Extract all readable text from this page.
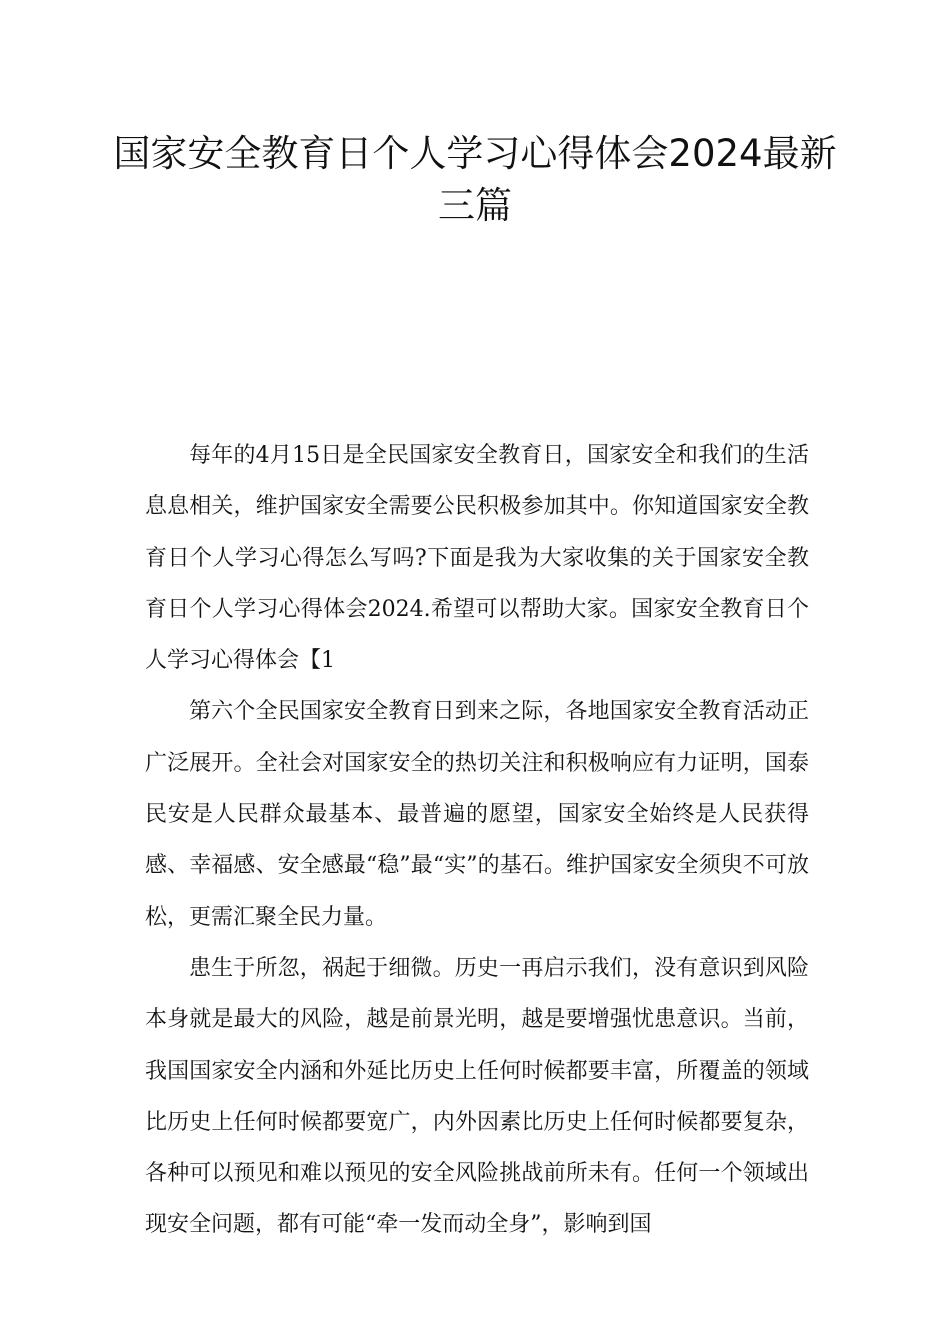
国家安全教育日个人学习心得体会2024最新三篇

每年的4月15日是全民国家安全教育日，国家安全和我们的生活息息相关，维护国家安全需要公民积极参加其中。你知道国家安全教育日个人学习心得怎么写吗?下面是我为大家收集的关于国家安全教育日个人学习心得体会2024.希望可以帮助大家。国家安全教育日个人学习心得体会【1

第六个全民国家安全教育日到来之际，各地国家安全教育活动正广泛展开。全社会对国家安全的热切关注和积极响应有力证明，国泰民安是人民群众最基本、最普遍的愿望，国家安全始终是人民获得感、幸福感、安全感最“稳”最“实”的基石。维护国家安全须臾不可放松，更需汇聚全民力量。

患生于所忽，祸起于细微。历史一再启示我们，没有意识到风险本身就是最大的风险，越是前景光明，越是要增强忧患意识。当前，我国国家安全内涵和外延比历史上任何时候都要丰富，所覆盖的领域比历史上任何时候都要宽广，内外因素比历史上任何时候都要复杂，各种可以预见和难以预见的安全风险挑战前所未有。任何一个领域出现安全问题，都有可能“牵一发而动全身”，影响到国
